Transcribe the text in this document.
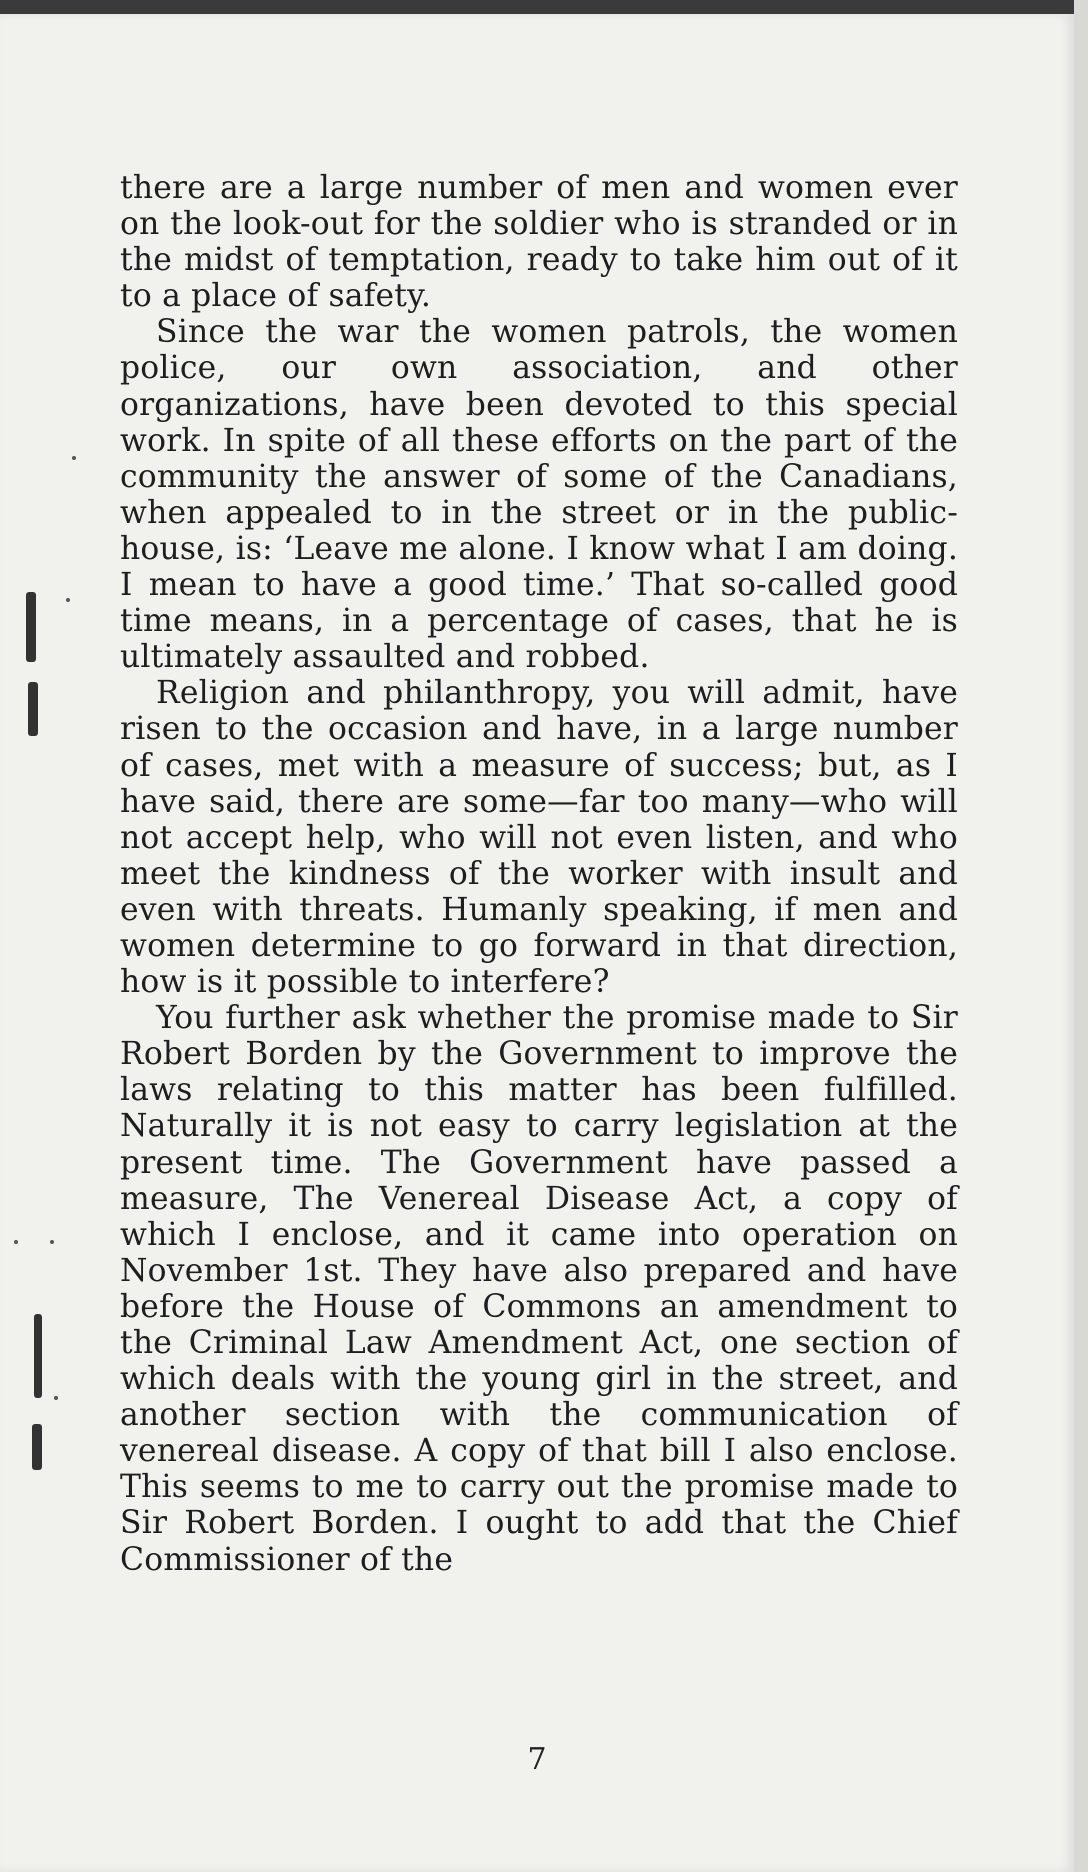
there are a large number of men and women ever on the look-out for the soldier who is stranded or in the midst of temptation, ready to take him out of it to a place of safety.

Since the war the women patrols, the women police, our own association, and other organizations, have been devoted to this special work. In spite of all these efforts on the part of the community the answer of some of the Canadians, when appealed to in the street or in the public-house, is: ‘Leave me alone. I know what I am doing. I mean to have a good time.’ That so-called good time means, in a percentage of cases, that he is ultimately assaulted and robbed.

Religion and philanthropy, you will admit, have risen to the occasion and have, in a large number of cases, met with a measure of success; but, as I have said, there are some—far too many—who will not accept help, who will not even listen, and who meet the kindness of the worker with insult and even with threats. Humanly speaking, if men and women determine to go forward in that direction, how is it possible to interfere?

You further ask whether the promise made to Sir Robert Borden by the Government to improve the laws relating to this matter has been fulfilled. Naturally it is not easy to carry legislation at the present time. The Government have passed a measure, The Venereal Disease Act, a copy of which I enclose, and it came into operation on November 1st. They have also prepared and have before the House of Commons an amendment to the Criminal Law Amendment Act, one section of which deals with the young girl in the street, and another section with the communication of venereal disease. A copy of that bill I also enclose. This seems to me to carry out the promise made to Sir Robert Borden. I ought to add that the Chief Commissioner of the

7
